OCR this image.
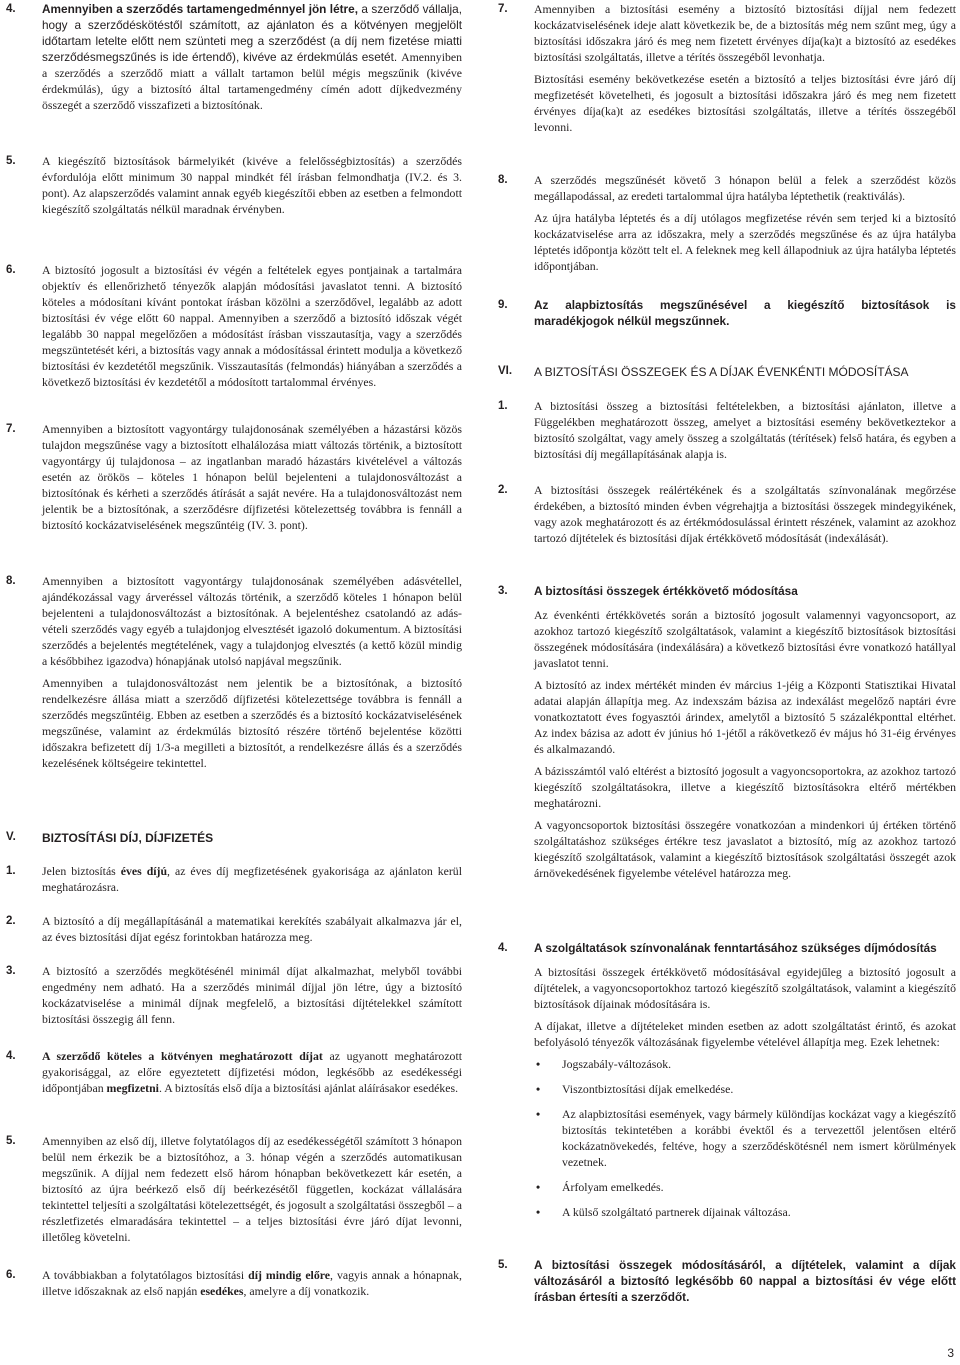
4. Amennyiben a szerződés tartamengedménnyel jön létre, a szerződő vállalja, hogy a szerződéskötéstől számított, az ajánlaton és a kötvényen megjelölt időtartam letelte előtt nem szünteti meg a szerződést (a díj nem fizetése miatti szerződésmegszűnés is ide értendő), kivéve az érdekmúlás esetét. Amennyiben a szerződés a szerződő miatt a vállalt tartamon belül mégis megszűnik (kivéve érdekmúlás), úgy a biztosító által tartamengedmény címén adott díjkedvezmény összegét a szerződő visszafizeti a biztosítónak.

5. A kiegészítő biztosítások bármelyikét (kivéve a felelősségbiztosítás) a szerződés évfordulója előtt minimum 30 nappal mindkét fél írásban felmondhatja (IV.2. és 3. pont). Az alapszerződés valamint annak egyéb kiegészítői ebben az esetben a felmondott kiegészítő szolgáltatás nélkül maradnak érvényben.

6. A biztosító jogosult a biztosítási év végén a feltételek egyes pontjainak a tartalmára objektív és ellenőrizhető tényezők alapján módosítási javaslatot tenni. A biztosító köteles a módosítani kívánt pontokat írásban közölni a szerződővel, legalább az adott biztosítási év vége előtt 60 nappal. Amennyiben a szerződő a biztosító időszak végét legalább 30 nappal megelőzően a módosítást írásban visszautasítja, vagy a szerződés megszüntetését kéri, a biztosítás vagy annak a módosítással érintett modulja a következő biztosítási év kezdetétől megszűnik. Visszautasítás (felmondás) hiányában a szerződés a következő biztosítási év kezdetétől a módosított tartalommal érvényes.

7. Amennyiben a biztosított vagyontárgy tulajdonosának személyében a házastársi közös tulajdon megszűnése vagy a biztosított elhalálozása miatt változás történik, a biztosított vagyontárgy új tulajdonosa – az ingatlanban maradó házastárs kivételével a változás esetén az örökös – köteles 1 hónapon belül bejelenteni a tulajdonosváltozást a biztosítónak és kérheti a szerződés átírását a saját nevére. Ha a tulajdonosváltozást nem jelentik be a biztosítónak, a szerződésre díjfizetési kötelezettség továbbra is fennáll a biztosító kockázatviselésének megszűntéig (IV. 3. pont).

8. Amennyiben a biztosított vagyontárgy tulajdonosának személyében adásvétellel, ajándékozással vagy árveréssel változás történik, a szerződő köteles 1 hónapon belül bejelenteni a tulajdonosváltozást a biztosítónak. A bejelentéshez csatolandó az adás-vételi szerződés vagy egyéb a tulajdonjog elvesztését igazoló dokumentum. A biztosítási szerződés a bejelentés megtételének, vagy a tulajdonjog elvesztés (a kettő közül mindig a későbbihez igazodva) hónapjának utolsó napjával megszűnik.

Amennyiben a tulajdonosváltozást nem jelentik be a biztosítónak, a biztosító rendelkezésre állása miatt a szerződő díjfizetési kötelezettsége továbbra is fennáll a szerződés megszűntéig. Ebben az esetben a szerződés és a biztosító kockázatviselésének megszűnése, valamint az érdekmúlás biztosító részére történő bejelentése közötti időszakra befizetett díj 1/3-a megilleti a biztosítót, a rendelkezésre állás és a szerződés kezelésének költségeire tekintettel.

V. BIZTOSÍTÁSI DÍJ, DÍJFIZETÉS
1. Jelen biztosítás éves díjú, az éves díj megfizetésének gyakorisága az ajánlaton kerül meghatározásra.

2. A biztosító a díj megállapításánál a matematikai kerekítés szabályait alkalmazva jár el, az éves biztosítási díjat egész forintokban határozza meg.

3. A biztosító a szerződés megkötésénél minimál díjat alkalmazhat, melyből további engedmény nem adható. Ha a szerződés minimál díjjal jön létre, úgy a biztosító kockázatviselése a minimál díjnak megfelelő, a biztosítási díjtételekkel számított biztosítási összegig áll fenn.

4. A szerződő köteles a kötvényen meghatározott díjat az ugyanott meghatározott gyakorisággal, az előre egyeztetett díjfizetési módon, legkésőbb az esedékességi időpontjában megfizetni. A biztosítás első díja a biztosítási ajánlat aláírásakor esedékes.

5. Amennyiben az első díj, illetve folytatólagos díj az esedékességétől számított 3 hónapon belül nem érkezik be a biztosítóhoz, a 3. hónap végén a szerződés automatikusan megszűnik. A díjjal nem fedezett első három hónapban bekövetkezett kár esetén, a biztosító az újra beérkező első díj beérkezésétől független, kockázat vállalására tekintettel teljesíti a szolgáltatási kötelezettségét, és jogosult a szolgáltatási összegből – a részletfizetés elmaradására tekintettel – a teljes biztosítási évre járó díjat levonni, illetőleg követelni.

6. A továbbiakban a folytatólagos biztosítási díj mindig előre, vagyis annak a hónapnak, illetve időszaknak az első napján esedékes, amelyre a díj vonatkozik.

7. Amennyiben a biztosítási esemény a biztosító biztosítási díjjal nem fedezett kockázatviselésének ideje alatt következik be, de a biztosítás még nem szűnt meg, úgy a biztosítási időszakra járó és meg nem fizetett érvényes díja(ka)t a biztosító az esedékes biztosítási szolgáltatás, illetve a térítés összegéből levonhatja.

Biztosítási esemény bekövetkezése esetén a biztosító a teljes biztosítási évre járó díj megfizetését követelheti, és jogosult a biztosítási időszakra járó és meg nem fizetett érvényes díja(ka)t az esedékes biztosítási szolgáltatás, illetve a térítés összegéből levonni.

8. A szerződés megszűnését követő 3 hónapon belül a felek a szerződést közös megállapodással, az eredeti tartalommal újra hatályba léptethetik (reaktiválás).

Az újra hatályba léptetés és a díj utólagos megfizetése révén sem terjed ki a biztosító kockázatviselése arra az időszakra, mely a szerződés megszűnése és az újra hatályba léptetés időpontja között telt el. A feleknek meg kell állapodniuk az újra hatályba léptetés időpontjában.

9. Az alapbiztosítás megszűnésével a kiegészítő biztosítások is maradékjogok nélkül megszűnnek.

VI. A BIZTOSÍTÁSI ÖSSZEGEK ÉS A DÍJAK ÉVENKÉNTI MÓDOSÍTÁSA
1. A biztosítási összeg a biztosítási feltételekben, a biztosítási ajánlaton, illetve a Függelékben meghatározott összeg, amelyet a biztosítási esemény bekövetkeztekor a biztosító szolgáltat, vagy amely összeg a szolgáltatás (térítések) felső határa, és egyben a biztosítási díj megállapításának alapja is.

2. A biztosítási összegek reálértékének és a szolgáltatás színvonalának megőrzése érdekében, a biztosító minden évben végrehajtja a biztosítási összegek mindegyikének, vagy azok meghatározott és az értékmódosulással érintett részének, valamint az azokhoz tartozó díjtételek és biztosítási díjak értékkövető módosítását (indexálását).

3. A biztosítási összegek értékkövető módosítása

Az évenkénti értékkövetés során a biztosító jogosult valamennyi vagyoncsoport, az azokhoz tartozó kiegészítő szolgáltatások, valamint a kiegészítő biztosítások biztosítási összegének módosítására (indexálására) a következő biztosítási évre vonatkozó hatállyal javaslatot tenni.

A biztosító az index mértékét minden év március 1-jéig a Központi Statisztikai Hivatal adatai alapján állapítja meg. Az indexszám bázisa az indexálást megelőző naptári évre vonatkoztatott éves fogyasztói árindex, amelytől a biztosító 5 százalékponttal eltérhet. Az index bázisa az adott év június hó 1-jétől a rákövetkező év május hó 31-éig érvényes és alkalmazandó.

A bázisszámtól való eltérést a biztosító jogosult a vagyoncsoportokra, az azokhoz tartozó kiegészítő szolgáltatásokra, illetve a kiegészítő biztosításokra eltérő mértékben meghatározni.

A vagyoncsoportok biztosítási összegére vonatkozóan a mindenkori új értéken történő szolgáltatáshoz szükséges értékre tesz javaslatot a biztosító, míg az azokhoz tartozó kiegészítő szolgáltatások, valamint a kiegészítő biztosítások szolgáltatási összegét azok árnövekedésének figyelembe vételével határozza meg.

4. A szolgáltatások színvonalának fenntartásához szükséges díjmódosítás

A biztosítási összegek értékkövető módosításával egyidejűleg a biztosító jogosult a díjtételek, a vagyoncsoportokhoz tartozó kiegészítő szolgáltatások, valamint a kiegészítő biztosítások díjainak módosítására is.

A díjakat, illetve a díjtételeket minden esetben az adott szolgáltatást érintő, és azokat befolyásoló tényezők változásának figyelembe vételével állapítja meg. Ezek lehetnek:

• Jogszabály-változások.
• Viszontbiztosítási díjak emelkedése.
• Az alapbiztosítási események, vagy bármely különdíjas kockázat vagy a kiegészítő biztosítás tekintetében a korábbi évektől és a tervezettől jelentősen eltérő kockázatnövekedés, feltéve, hogy a szerződéskötésnél nem ismert körülmények vezetnek.
• Árfolyam emelkedés.
• A külső szolgáltató partnerek díjainak változása.
5. A biztosítási összegek módosításáról, a díjtételek, valamint a díjak változásáról a biztosító legkésőbb 60 nappal a biztosítási év vége előtt írásban értesíti a szerződőt.

3
